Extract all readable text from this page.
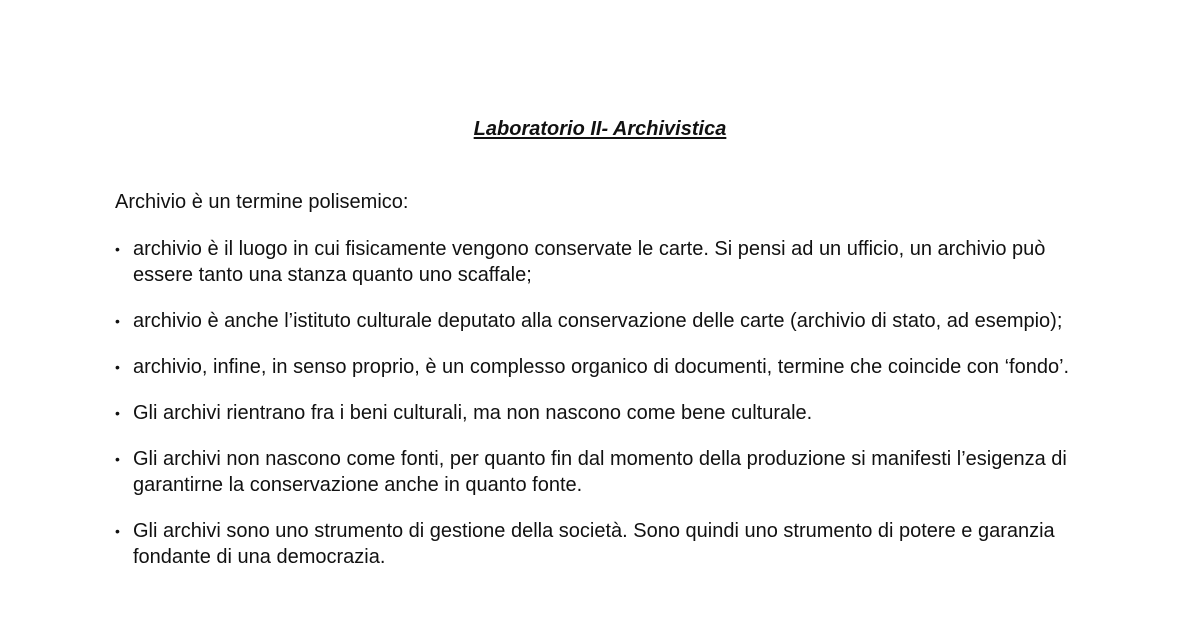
Laboratorio II- Archivistica

Archivio è un termine polisemico:

• archivio è il luogo in cui fisicamente vengono conservate le carte. Si pensi ad un ufficio, un archivio può essere tanto una stanza quanto uno scaffale;
• archivio è anche l’istituto culturale deputato alla conservazione delle carte (archivio di stato, ad esempio);
• archivio, infine, in senso proprio, è un complesso organico di documenti, termine che coincide con ‘fondo’.
• Gli archivi rientrano fra i beni culturali, ma non nascono come bene culturale.
• Gli archivi non nascono come fonti, per quanto fin dal momento della produzione si manifesti l’esigenza di garantirne la conservazione anche in quanto fonte.
• Gli archivi sono uno strumento di gestione della società. Sono quindi uno strumento di potere e garanzia fondante di una democrazia.
